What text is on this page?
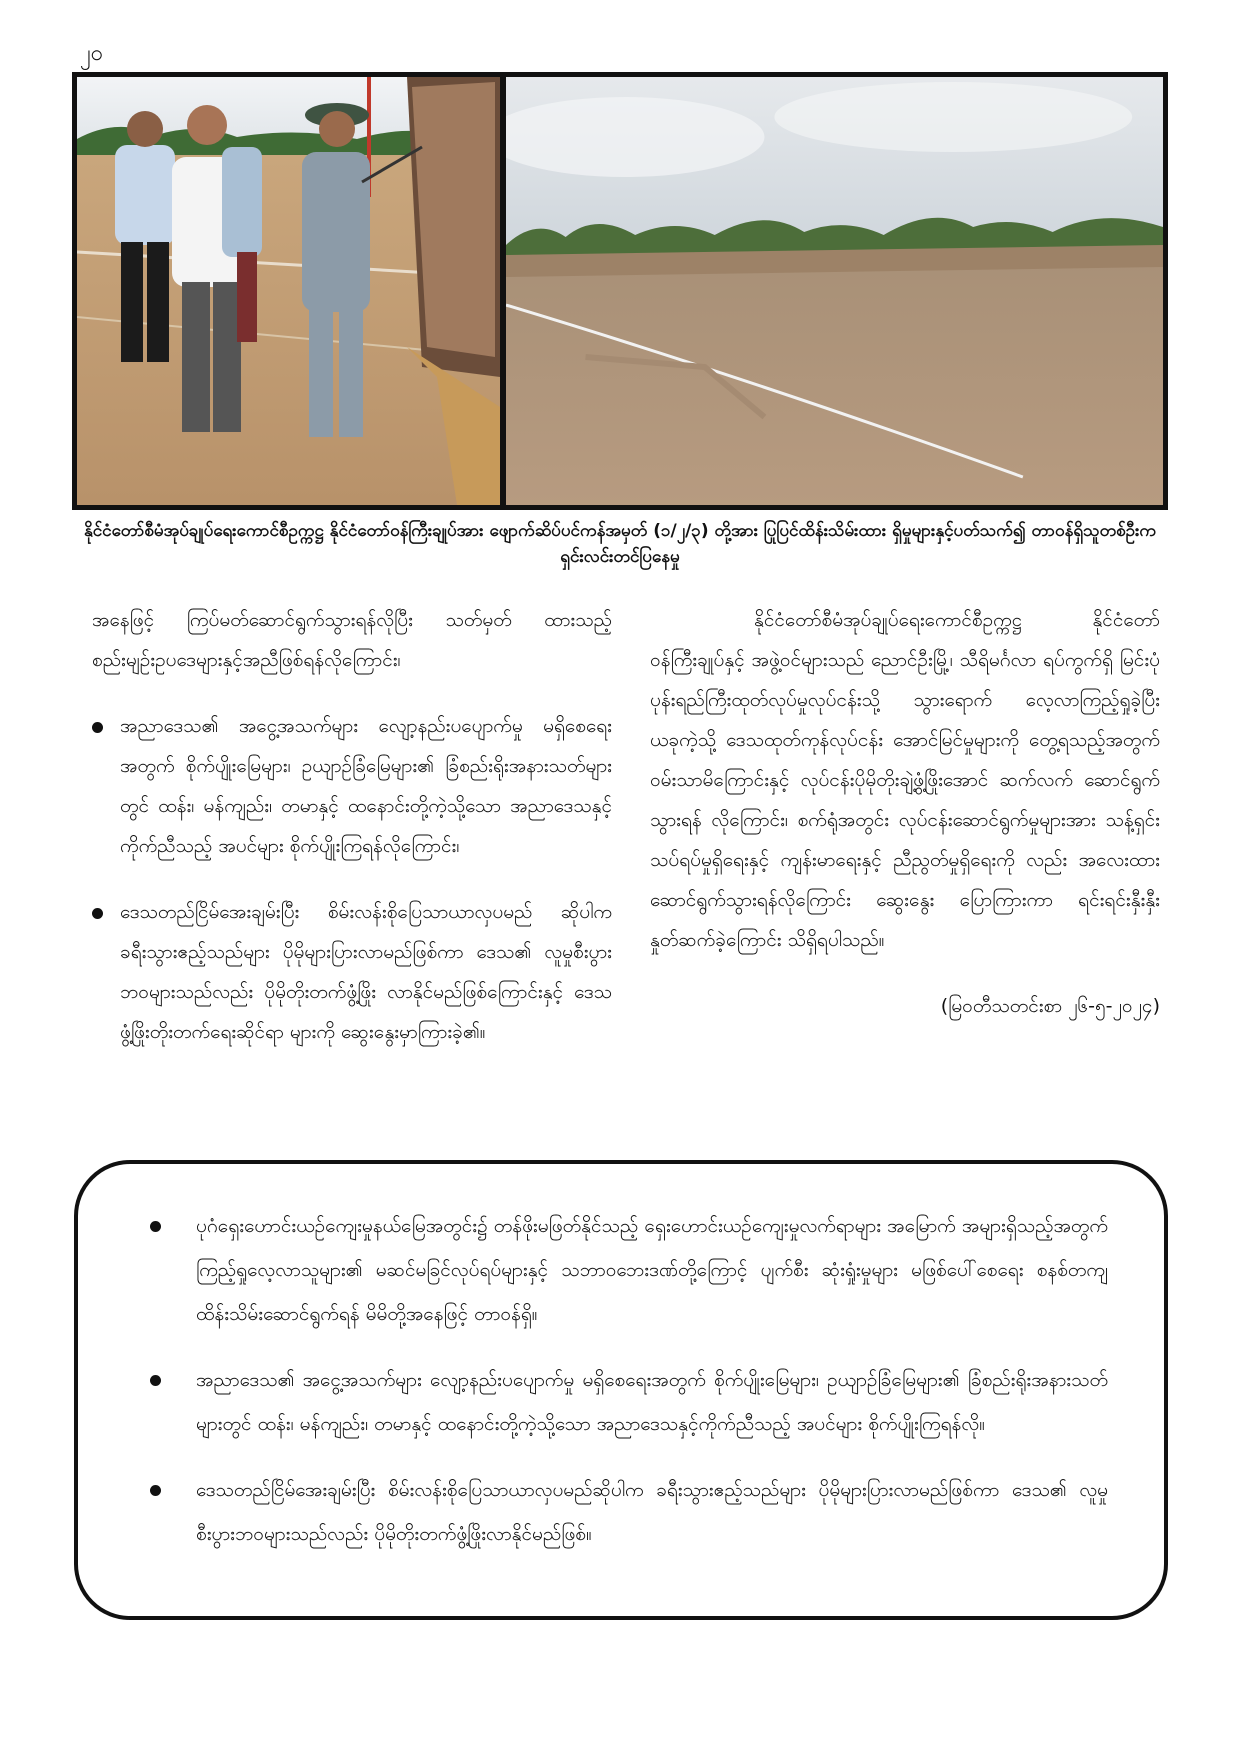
၂၀
နိုင်ငံတော်စီမံအုပ်ချုပ်ရေးကောင်စီဥက္ကဋ္ဌ နိုင်ငံတော်ဝန်ကြီးချုပ်အား ဖျောက်ဆိပ်ပင်ကန်အမှတ် (၁/၂/၃) တို့အား ပြုပြင်ထိန်းသိမ်းထား ရှိမှုများနှင့်ပတ်သက်၍ တာဝန်ရှိသူတစ်ဦးက ရှင်းလင်းတင်ပြနေမှု

အနေဖြင့် ကြပ်မတ်ဆောင်ရွက်သွားရန်လိုပြီး သတ်မှတ် ထားသည့် စည်းမျဉ်းဥပဒေများနှင့်အညီဖြစ်ရန်လိုကြောင်း၊

အညာဒေသ၏ အငွေ့အသက်များ လျော့နည်းပပျောက်မှု မရှိစေရေးအတွက် စိုက်ပျိုးမြေများ၊ ဥယျာဉ်ခြံမြေများ၏ ခြံစည်းရိုးအနားသတ်များတွင် ထန်း၊ မန်ကျည်း၊ တမာနှင့် ထနောင်းတို့ကဲ့သို့သော အညာဒေသနှင့် ကိုက်ညီသည့် အပင်များ စိုက်ပျိုးကြရန်လိုကြောင်း၊
ဒေသတည်ငြိမ်အေးချမ်းပြီး စိမ်းလန်းစိုပြေသာယာလှပမည် ဆိုပါက ခရီးသွားဧည့်သည်များ ပိုမိုများပြားလာမည်ဖြစ်ကာ ဒေသ၏ လူမှုစီးပွားဘဝများသည်လည်း ပိုမိုတိုးတက်ဖွံ့ဖြိုး လာနိုင်မည်ဖြစ်ကြောင်းနှင့် ဒေသဖွံ့ဖြိုးတိုးတက်ရေးဆိုင်ရာ များကို ဆွေးနွေးမှာကြားခဲ့၏။

နိုင်ငံတော်စီမံအုပ်ချုပ်ရေးကောင်စီဥက္ကဋ္ဌ နိုင်ငံတော် ဝန်ကြီးချုပ်နှင့် အဖွဲ့ဝင်များသည် ညောင်ဦးမြို့၊ သီရိမင်္ဂလာ ရပ်ကွက်ရှိ မြင်းပုံပုန်းရည်ကြီးထုတ်လုပ်မှုလုပ်ငန်းသို့ သွားရောက် လေ့လာကြည့်ရှုခဲ့ပြီး ယခုကဲ့သို့ ဒေသထုတ်ကုန်လုပ်ငန်း အောင်မြင်မှုများကို တွေ့ရသည့်အတွက် ဝမ်းသာမိကြောင်းနှင့် လုပ်ငန်းပိုမိုတိုးချဲ့ဖွံ့ဖြိုးအောင် ဆက်လက် ဆောင်ရွက်သွားရန် လိုကြောင်း၊ စက်ရုံအတွင်း လုပ်ငန်းဆောင်ရွက်မှုများအား သန့်ရှင်းသပ်ရပ်မှုရှိရေးနှင့် ကျန်းမာရေးနှင့် ညီညွတ်မှုရှိရေးကို လည်း အလေးထားဆောင်ရွက်သွားရန်လိုကြောင်း ဆွေးနွေး ပြောကြားကာ ရင်းရင်းနှီးနှီးနှုတ်ဆက်ခဲ့ကြောင်း သိရှိရပါသည်။

(မြဝတီသတင်းစာ ၂၆-၅-၂၀၂၄)

ပုဂံရှေးဟောင်းယဉ်ကျေးမှုနယ်မြေအတွင်း၌ တန်ဖိုးမဖြတ်နိုင်သည့် ရှေးဟောင်းယဉ်ကျေးမှုလက်ရာများ အမြောက် အများရှိသည့်အတွက် ကြည့်ရှုလေ့လာသူများ၏ မဆင်မခြင်လုပ်ရပ်များနှင့် သဘာဝဘေးဒဏ်တို့ကြောင့် ပျက်စီး ဆုံးရှုံးမှုများ မဖြစ်ပေါ်စေရေး စနစ်တကျ ထိန်းသိမ်းဆောင်ရွက်ရန် မိမိတို့အနေဖြင့် တာဝန်ရှိ။
အညာဒေသ၏ အငွေ့အသက်များ လျော့နည်းပပျောက်မှု မရှိစေရေးအတွက် စိုက်ပျိုးမြေများ၊ ဥယျာဉ်ခြံမြေများ၏ ခြံစည်းရိုးအနားသတ်များတွင် ထန်း၊ မန်ကျည်း၊ တမာနှင့် ထနောင်းတို့ကဲ့သို့သော အညာဒေသနှင့်ကိုက်ညီသည့် အပင်များ စိုက်ပျိုးကြရန်လို။
ဒေသတည်ငြိမ်အေးချမ်းပြီး စိမ်းလန်းစိုပြေသာယာလှပမည်ဆိုပါက ခရီးသွားဧည့်သည်များ ပိုမိုများပြားလာမည်ဖြစ်ကာ ဒေသ၏ လူမှုစီးပွားဘဝများသည်လည်း ပိုမိုတိုးတက်ဖွံ့ဖြိုးလာနိုင်မည်ဖြစ်။
